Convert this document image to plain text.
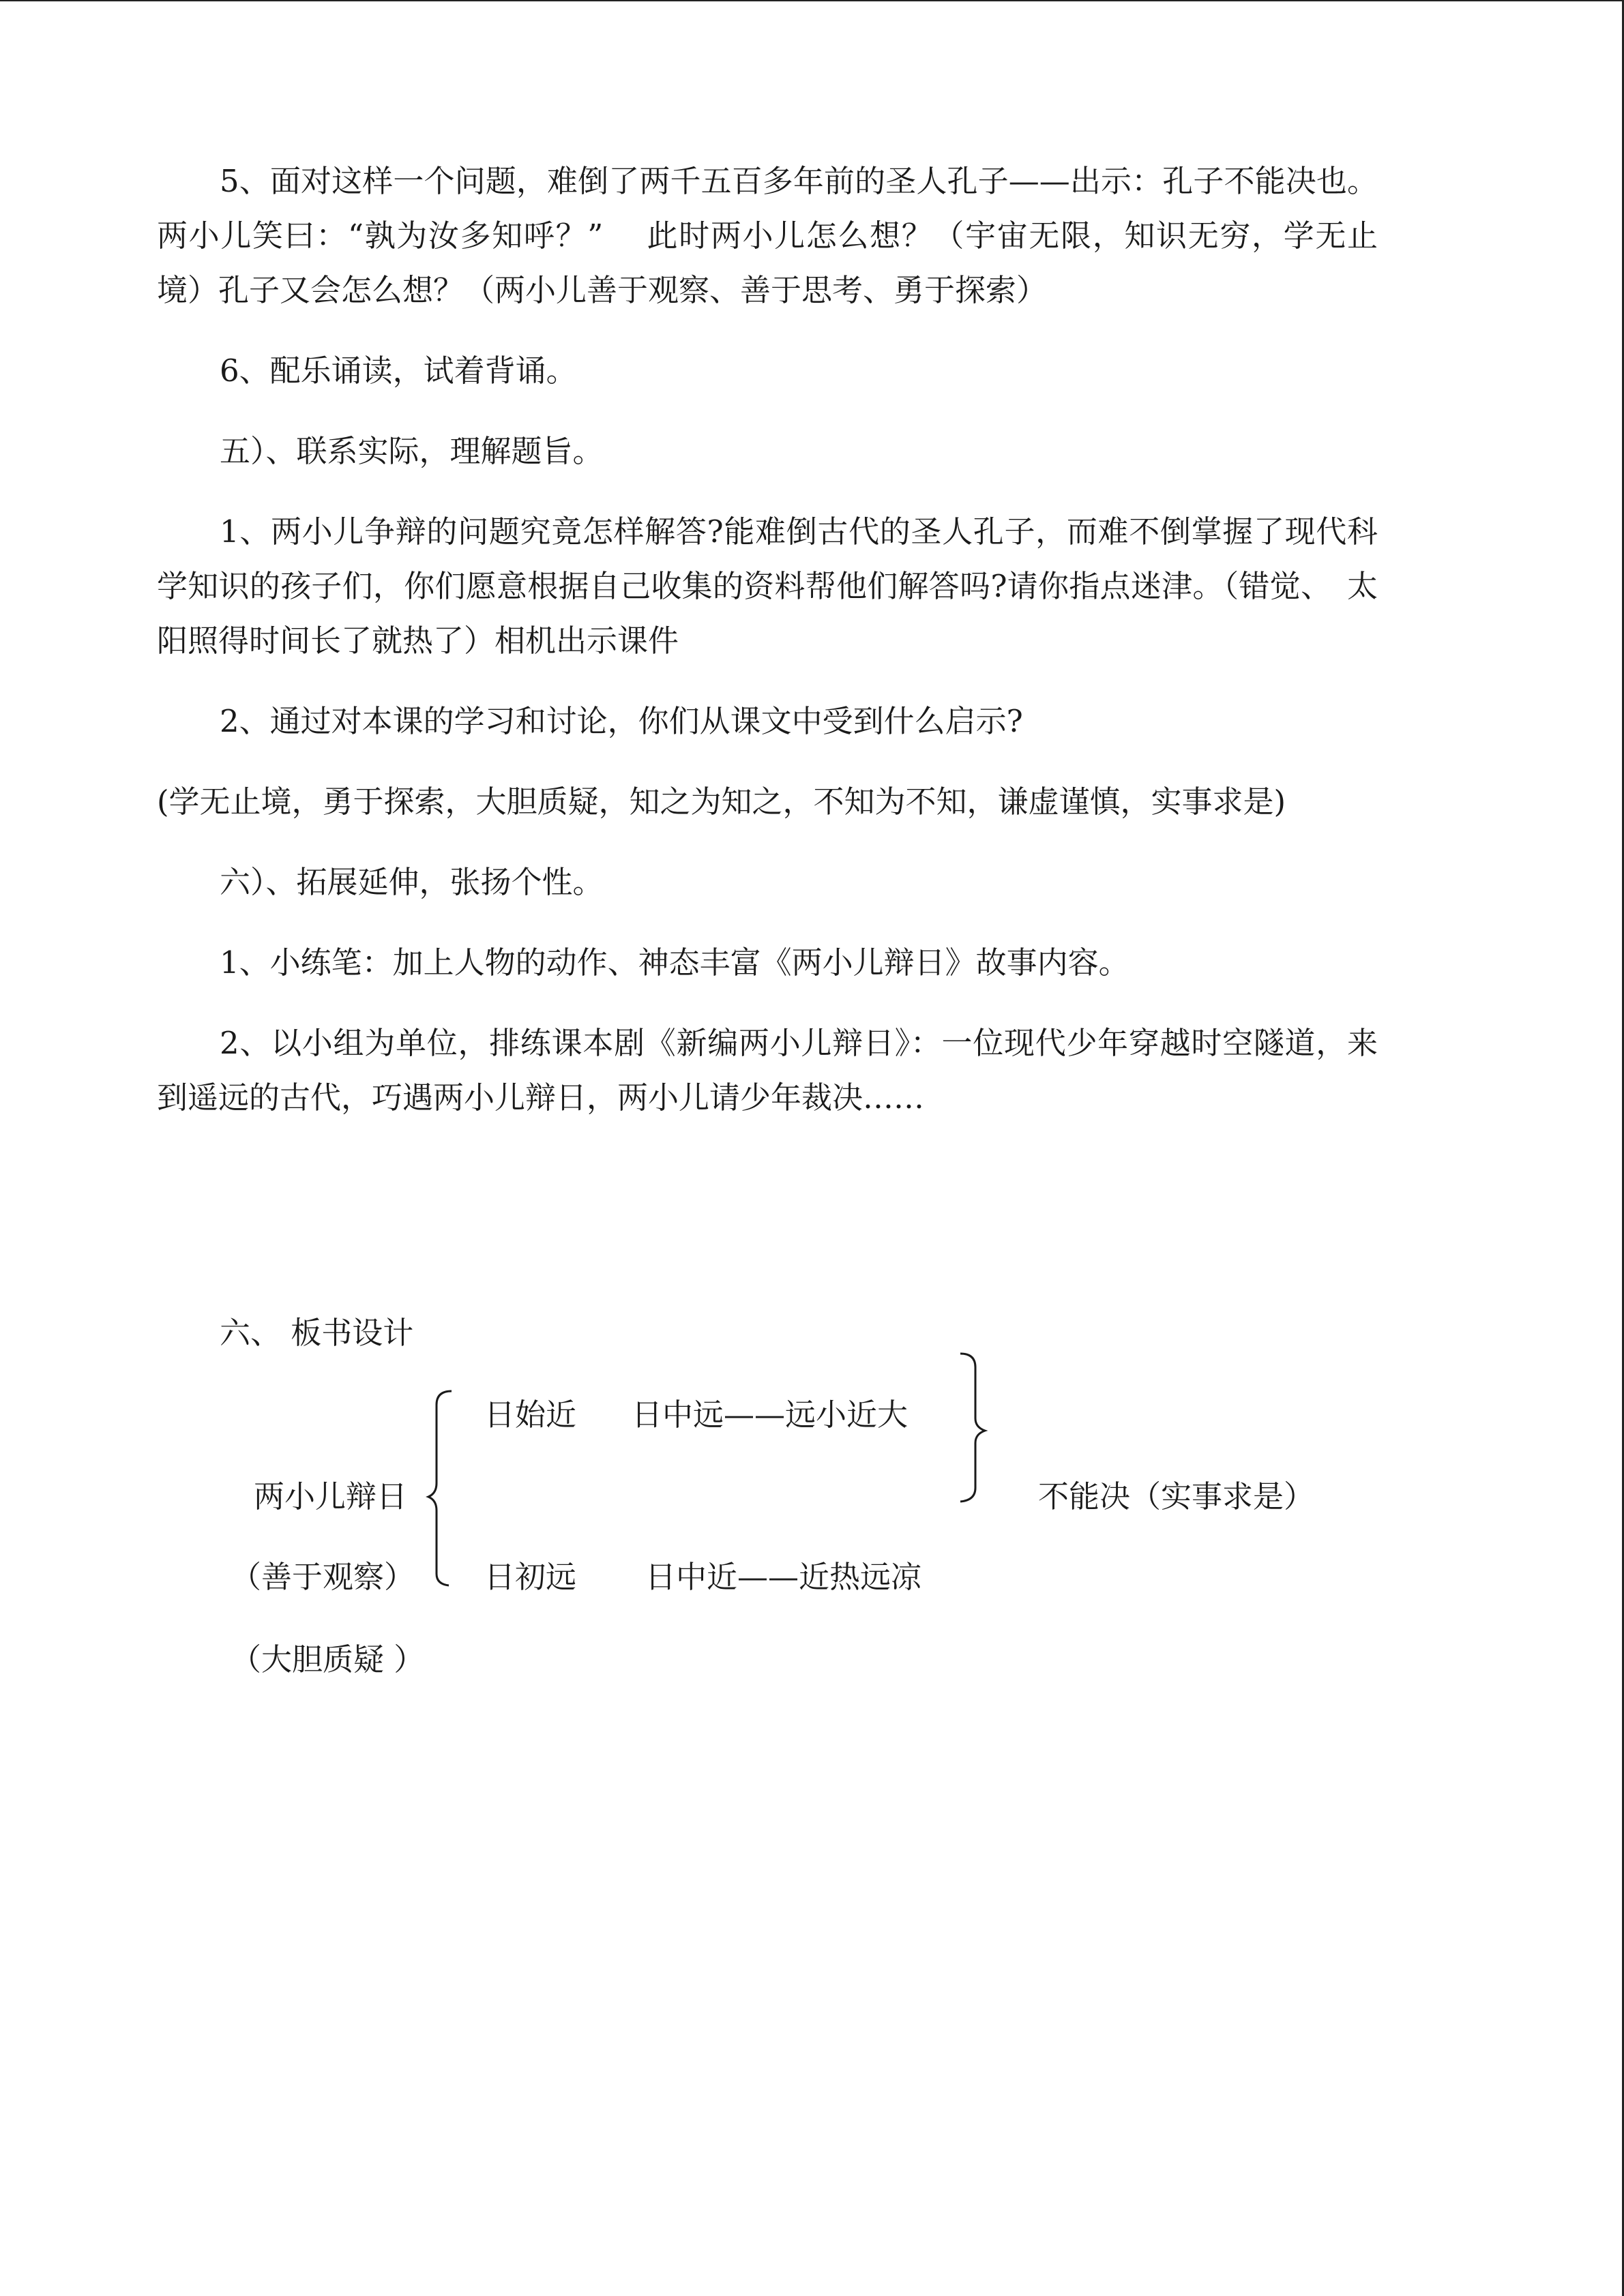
5、面对这样一个问题，难倒了两千五百多年前的圣人孔子——出示：孔子不能决也。两小儿笑曰：“孰为汝多知呼？”　 此时两小儿怎么想？（宇宙无限，知识无穷，学无止境）孔子又会怎么想？（两小儿善于观察、善于思考、勇于探索）

6、配乐诵读，试着背诵。

五）、联系实际，理解题旨。

1、两小儿争辩的问题究竟怎样解答?能难倒古代的圣人孔子，而难不倒掌握了现代科学知识的孩子们，你们愿意根据自己收集的资料帮他们解答吗?请你指点迷津。（错觉、　太阳照得时间长了就热了）相机出示课件

2、通过对本课的学习和讨论，你们从课文中受到什么启示?

(学无止境，勇于探索，大胆质疑，知之为知之，不知为不知，谦虚谨慎，实事求是)

六）、拓展延伸，张扬个性。

1、小练笔：加上人物的动作、神态丰富《两小儿辩日》故事内容。

2、以小组为单位，排练课本剧《新编两小儿辩日》：一位现代少年穿越时空隧道，来到遥远的古代，巧遇两小儿辩日，两小儿请少年裁决……

六、 板书设计
两小儿辩日
日始近 日中远——远小近大
日初远 日中近——近热远凉
不能决（实事求是）
（善于观察）
（大胆质疑 ）
